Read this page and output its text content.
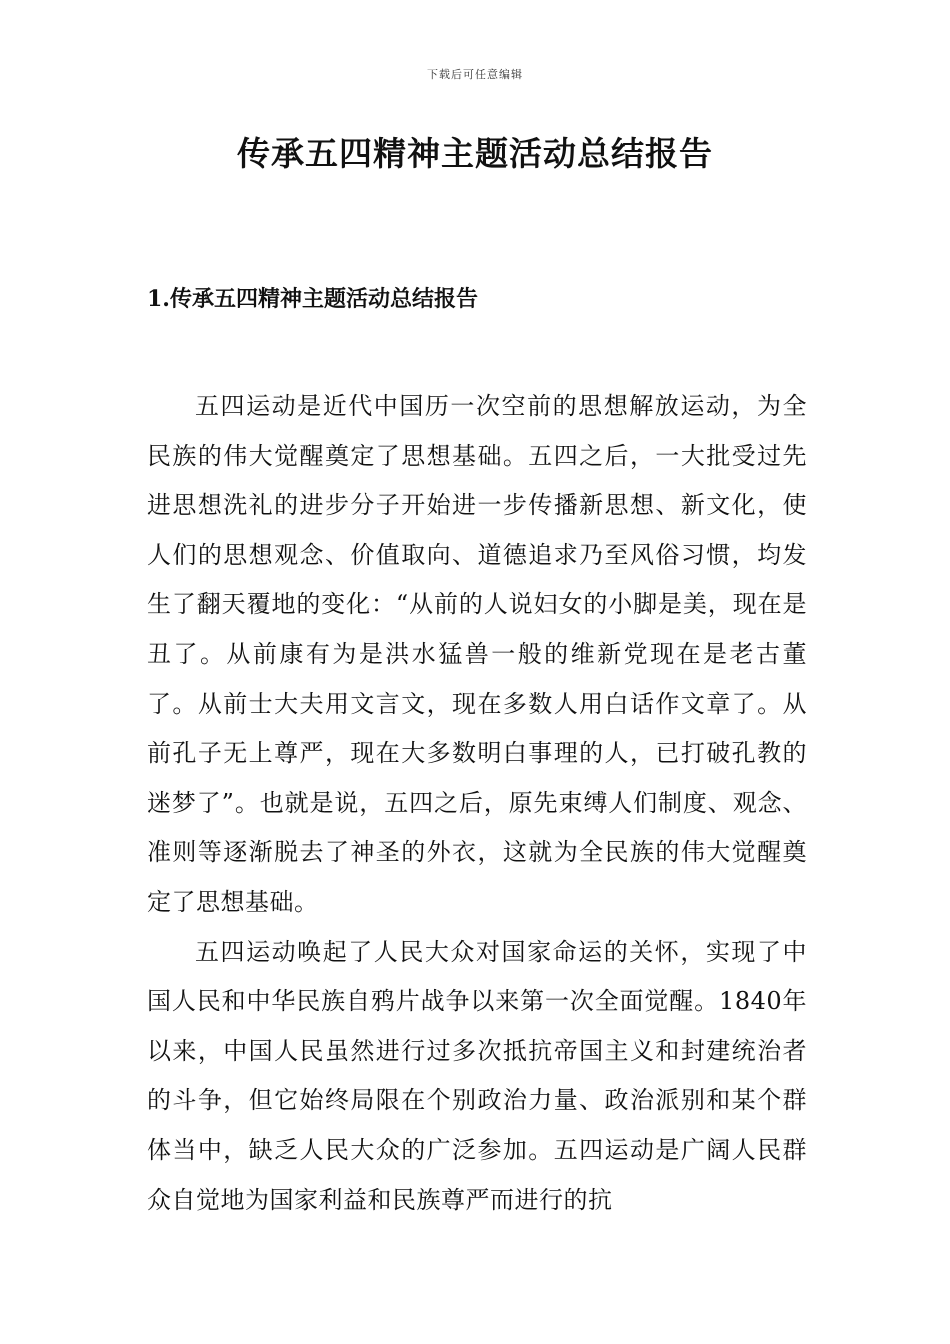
下载后可任意编辑
传承五四精神主题活动总结报告
1.传承五四精神主题活动总结报告

五四运动是近代中国历一次空前的思想解放运动，为全民族的伟大觉醒奠定了思想基础。五四之后，一大批受过先进思想洗礼的进步分子开始进一步传播新思想、新文化，使人们的思想观念、价值取向、道德追求乃至风俗习惯，均发生了翻天覆地的变化：“从前的人说妇女的小脚是美，现在是丑了。从前康有为是洪水猛兽一般的维新党现在是老古董了。从前士大夫用文言文，现在多数人用白话作文章了。从前孔子无上尊严，现在大多数明白事理的人，已打破孔教的迷梦了”。也就是说，五四之后，原先束缚人们制度、观念、准则等逐渐脱去了神圣的外衣，这就为全民族的伟大觉醒奠定了思想基础。

五四运动唤起了人民大众对国家命运的关怀，实现了中国人民和中华民族自鸦片战争以来第一次全面觉醒。1840年以来，中国人民虽然进行过多次抵抗帝国主义和封建统治者的斗争，但它始终局限在个别政治力量、政治派别和某个群体当中，缺乏人民大众的广泛参加。五四运动是广阔人民群众自觉地为国家利益和民族尊严而进行的抗
